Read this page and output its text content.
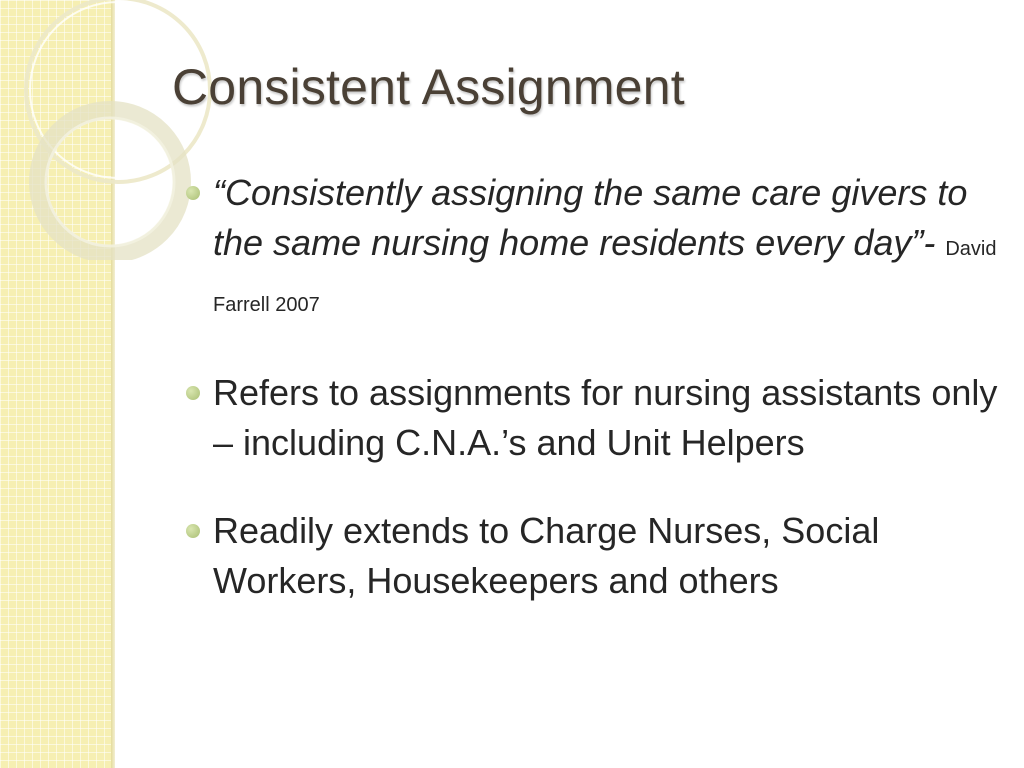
Consistent Assignment
“Consistently assigning the same care givers to the same nursing home residents every day”- David Farrell 2007
Refers to assignments for nursing assistants only – including C.N.A.’s and Unit Helpers
Readily extends to Charge Nurses, Social Workers, Housekeepers and others
